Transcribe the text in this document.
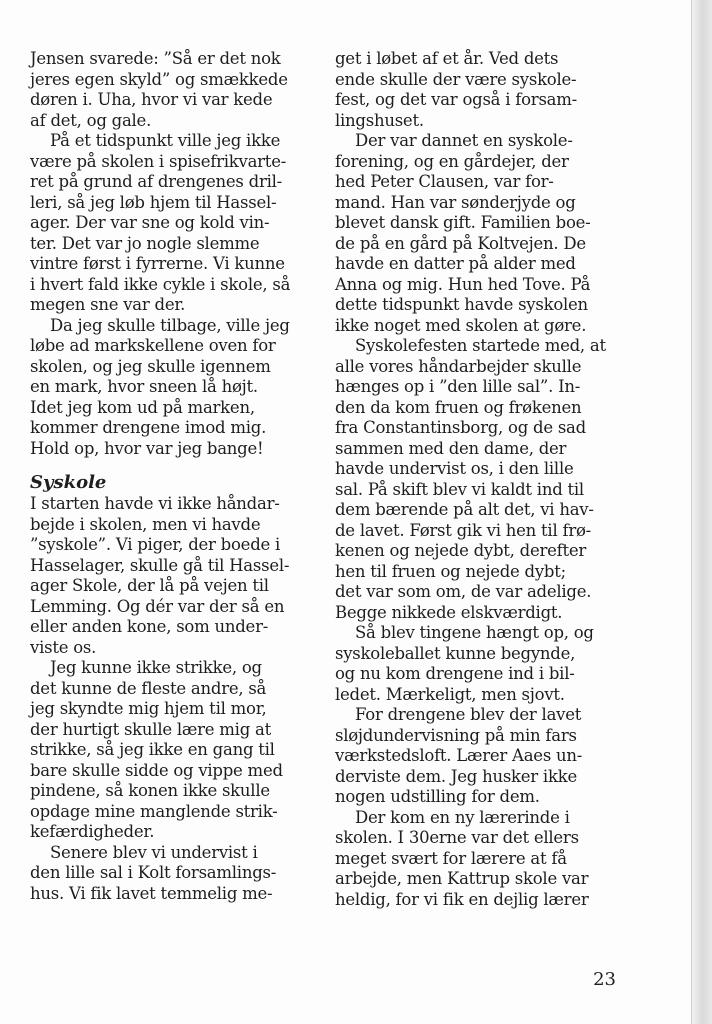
Jensen svarede: ”Så er det nok
jeres egen skyld” og smækkede
døren i. Uha, hvor vi var kede
af det, og gale.
På et tidspunkt ville jeg ikke
være på skolen i spisefrikvarte-
ret på grund af drengenes dril-
leri, så jeg løb hjem til Hassel-
ager. Der var sne og kold vin-
ter. Det var jo nogle slemme
vintre først i fyrrerne. Vi kunne
i hvert fald ikke cykle i skole, så
megen sne var der.
Da jeg skulle tilbage, ville jeg
løbe ad markskellene oven for
skolen, og jeg skulle igennem
en mark, hvor sneen lå højt.
Idet jeg kom ud på marken,
kommer drengene imod mig.
Hold op, hvor var jeg bange!
Syskole
I starten havde vi ikke håndar-
bejde i skolen, men vi havde
”syskole”. Vi piger, der boede i
Hasselager, skulle gå til Hassel-
ager Skole, der lå på vejen til
Lemming. Og dér var der så en
eller anden kone, som under-
viste os.
Jeg kunne ikke strikke, og
det kunne de fleste andre, så
jeg skyndte mig hjem til mor,
der hurtigt skulle lære mig at
strikke, så jeg ikke en gang til
bare skulle sidde og vippe med
pindene, så konen ikke skulle
opdage mine manglende strik-
kefærdigheder.
Senere blev vi undervist i
den lille sal i Kolt forsamlings-
hus. Vi fik lavet temmelig me-
get i løbet af et år. Ved dets
ende skulle der være syskole-
fest, og det var også i forsam-
lingshuset.
Der var dannet en syskole-
forening, og en gårdejer, der
hed Peter Clausen, var for-
mand. Han var sønderjyde og
blevet dansk gift. Familien boe-
de på en gård på Koltvejen. De
havde en datter på alder med
Anna og mig. Hun hed Tove. På
dette tidspunkt havde syskolen
ikke noget med skolen at gøre.
Syskolefesten startede med, at
alle vores håndarbejder skulle
hænges op i ”den lille sal”. In-
den da kom fruen og frøkenen
fra Constantinsborg, og de sad
sammen med den dame, der
havde undervist os, i den lille
sal. På skift blev vi kaldt ind til
dem bærende på alt det, vi hav-
de lavet. Først gik vi hen til frø-
kenen og nejede dybt, derefter
hen til fruen og nejede dybt;
det var som om, de var adelige.
Begge nikkede elskværdigt.
Så blev tingene hængt op, og
syskoleballet kunne begynde,
og nu kom drengene ind i bil-
ledet. Mærkeligt, men sjovt.
For drengene blev der lavet
sløjdundervisning på min fars
værkstedsloft. Lærer Aaes un-
derviste dem. Jeg husker ikke
nogen udstilling for dem.
Der kom en ny lærerinde i
skolen. I 30erne var det ellers
meget svært for lærere at få
arbejde, men Kattrup skole var
heldig, for vi fik en dejlig lærer
23
